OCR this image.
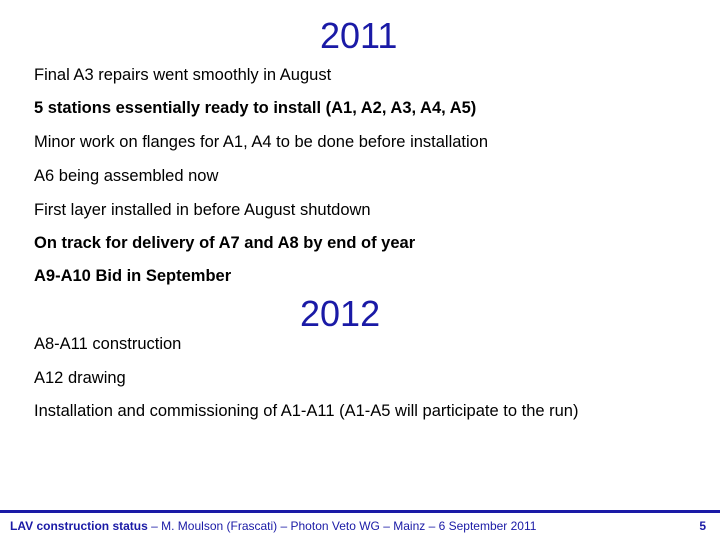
2011
Final A3 repairs went smoothly in August
5 stations essentially ready to install (A1, A2, A3, A4, A5)
Minor work on flanges for A1, A4 to be done before installation
A6 being assembled now
First layer installed in before August shutdown
On track for delivery of A7 and A8 by end of year
A9-A10 Bid in September
2012
A8-A11 construction
A12 drawing
Installation and commissioning of A1-A11 (A1-A5 will participate to the run)
LAV construction status – M. Moulson (Frascati) – Photon Veto WG – Mainz – 6 September 2011	5
